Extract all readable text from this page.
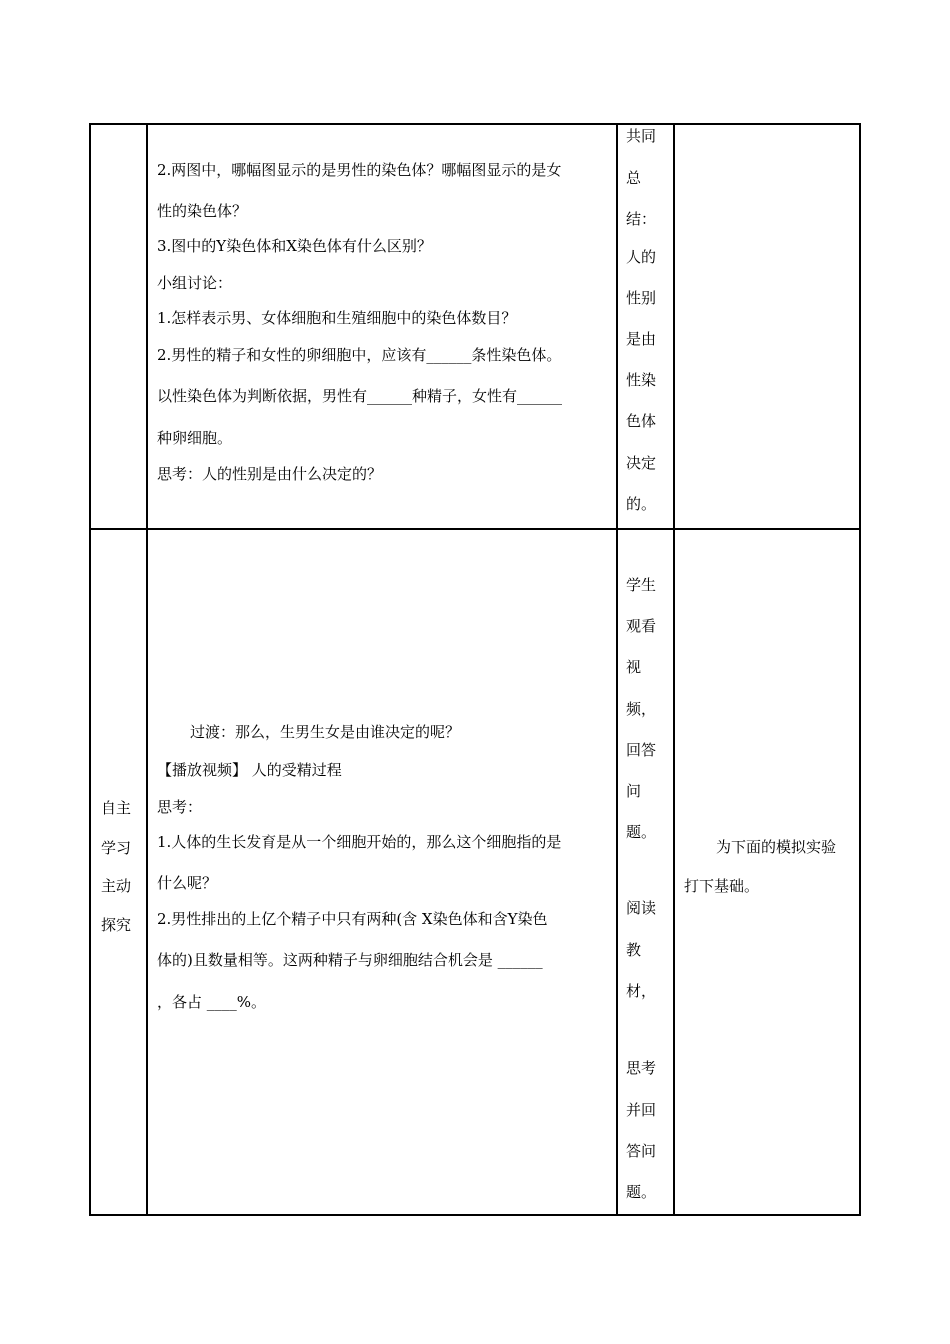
2.两图中，哪幅图显示的是男性的染色体？哪幅图显示的是女
性的染色体？
3.图中的Y染色体和X染色体有什么区别？
小组讨论：
1.怎样表示男、女体细胞和生殖细胞中的染色体数目？
2.男性的精子和女性的卵细胞中，应该有______条性染色体。
以性染色体为判断依据，男性有______种精子，女性有______
种卵细胞。
思考：人的性别是由什么决定的？
共同
总
结：
人的
性别
是由
性染
色体
决定
的。
自主
学习
主动
探究
过渡：那么，生男生女是由谁决定的呢？
【播放视频】 人的受精过程
思考：
1.人体的生长发育是从一个细胞开始的，那么这个细胞指的是
什么呢？
2.男性排出的上亿个精子中只有两种(含 X染色体和含Y染色
体的)且数量相等。这两种精子与卵细胞结合机会是 ______
，各占 ____%。
学生
观看
视
频，
回答
问
题。
阅读
教
材，
思考
并回
答问
题。
为下面的模拟实验
打下基础。
